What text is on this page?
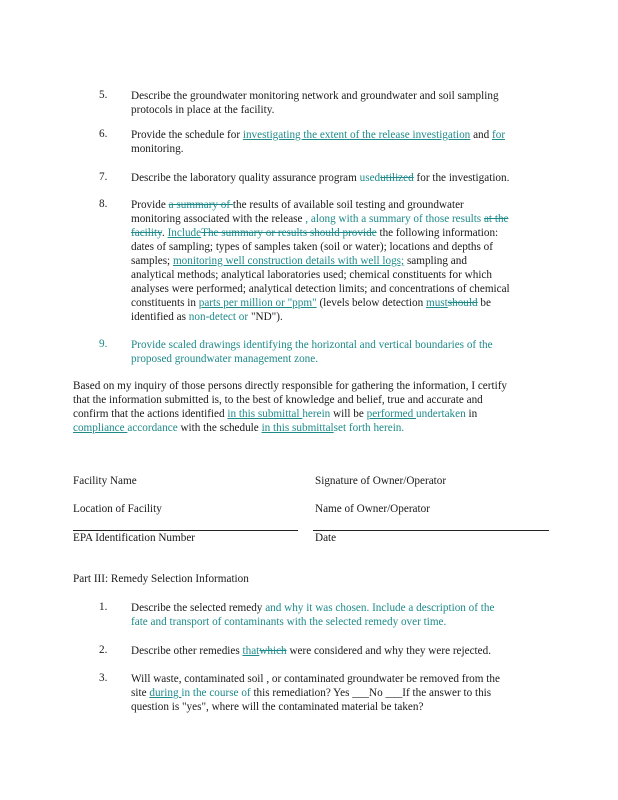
5.	Describe the groundwater monitoring network and groundwater and soil sampling
protocols in place at the facility.
6.	Provide the schedule for investigating the extent of the release investigation and for
monitoring.
7.	Describe the laboratory quality assurance program usedutilized for the investigation.
8.	Provide a summary of the results of available soil testing and groundwater
monitoring associated with the release , along with a summary of those results at the
facility. IncludeThe summary or results should provide the following information:
dates of sampling; types of samples taken (soil or water); locations and depths of
samples; monitoring well construction details with well logs; sampling and
analytical methods; analytical laboratories used; chemical constituents for which
analyses were performed; analytical detection limits; and concentrations of chemical
constituents in parts per million or "ppm" (levels below detection mustshould be
identified as non-detect or "ND").
9.	Provide scaled drawings identifying the horizontal and vertical boundaries of the
proposed groundwater management zone.
Based on my inquiry of those persons directly responsible for gathering the information, I certify
that the information submitted is, to the best of knowledge and belief, true and accurate and
confirm that the actions identified in this submittal herein will be performed undertaken in
compliance accordance with the schedule in this submittalset forth herein.
Facility Name	Signature of Owner/Operator
Location of Facility	Name of Owner/Operator
EPA Identification Number	Date
Part III: Remedy Selection Information
1.	Describe the selected remedy and why it was chosen. Include a description of the
fate and transport of contaminants with the selected remedy over time.
2.	Describe other remedies thatwhich were considered and why they were rejected.
3.	Will waste, contaminated soil , or contaminated groundwater be removed from the
site during in the course of this remediation? Yes ___No ___If the answer to this
question is "yes", where will the contaminated material be taken?
